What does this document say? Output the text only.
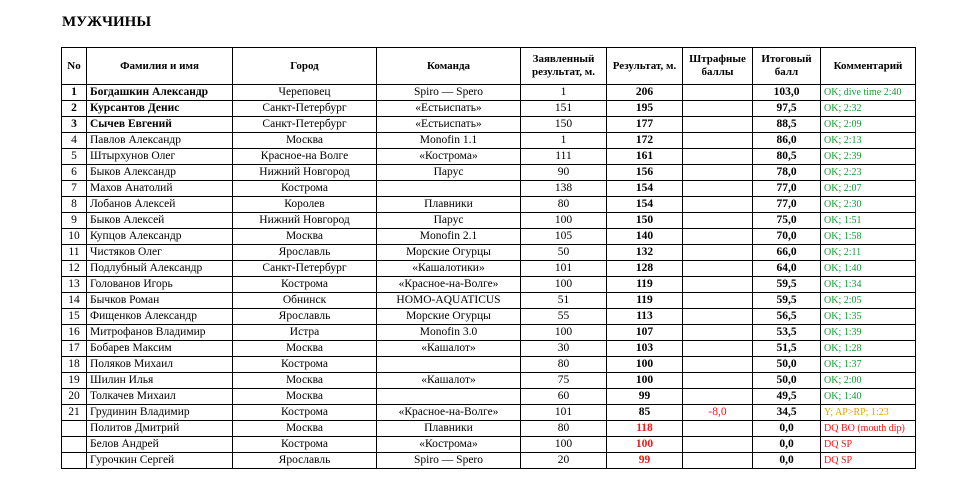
МУЖЧИНЫ
No	Фамилия и имя	Город	Команда	Заявленный результат, м.	Результат, м.	Штрафные баллы	Итоговый балл	Комментарий
1	Богдашкин Александр	Череповец	Spiro — Spero	1	206		103,0	OK; dive time 2:40
2	Курсантов Денис	Санкт-Петербург	«Естьиспать»	151	195		97,5	OK; 2:32
3	Сычев Евгений	Санкт-Петербург	«Естьиспать»	150	177		88,5	OK; 2:09
4	Павлов Александр	Москва	Monofin 1.1	1	172		86,0	OK; 2:13
5	Штырхунов Олег	Красное-на Волге	«Кострома»	111	161		80,5	OK; 2:39
6	Быков Александр	Нижний Новгород	Парус	90	156		78,0	OK; 2:23
7	Махов Анатолий	Кострома		138	154		77,0	OK; 2:07
8	Лобанов Алексей	Королев	Плавники	80	154		77,0	OK; 2:30
9	Быков Алексей	Нижний Новгород	Парус	100	150		75,0	OK; 1:51
10	Купцов Александр	Москва	Monofin 2.1	105	140		70,0	OK; 1:58
11	Чистяков Олег	Ярославль	Морские Огурцы	50	132		66,0	OK; 2:11
12	Подлубный Александр	Санкт-Петербург	«Кашалотики»	101	128		64,0	OK; 1:40
13	Голованов Игорь	Кострома	«Красное-на-Волге»	100	119		59,5	OK; 1:34
14	Бычков Роман	Обнинск	HOMO-AQUATICUS	51	119		59,5	OK; 2:05
15	Фищенков Александр	Ярославль	Морские Огурцы	55	113		56,5	OK; 1:35
16	Митрофанов Владимир	Истра	Monofin 3.0	100	107		53,5	OK; 1:39
17	Бобарев Максим	Москва	«Кашалот»	30	103		51,5	OK; 1:28
18	Поляков Михаил	Кострома		80	100		50,0	OK; 1:37
19	Шилин Илья	Москва	«Кашалот»	75	100		50,0	OK; 2:00
20	Толкачев Михаил	Москва		60	99		49,5	OK; 1:40
21	Грудинин Владимир	Кострома	«Красное-на-Волге»	101	85	-8,0	34,5	Y; AP>RP; 1:23
	Политов Дмитрий	Москва	Плавники	80	118		0,0	DQ BO (mouth dip)
	Белов Андрей	Кострома	«Кострома»	100	100		0,0	DQ SP
	Гурочкин Сергей	Ярославль	Spiro — Spero	20	99		0,0	DQ SP
